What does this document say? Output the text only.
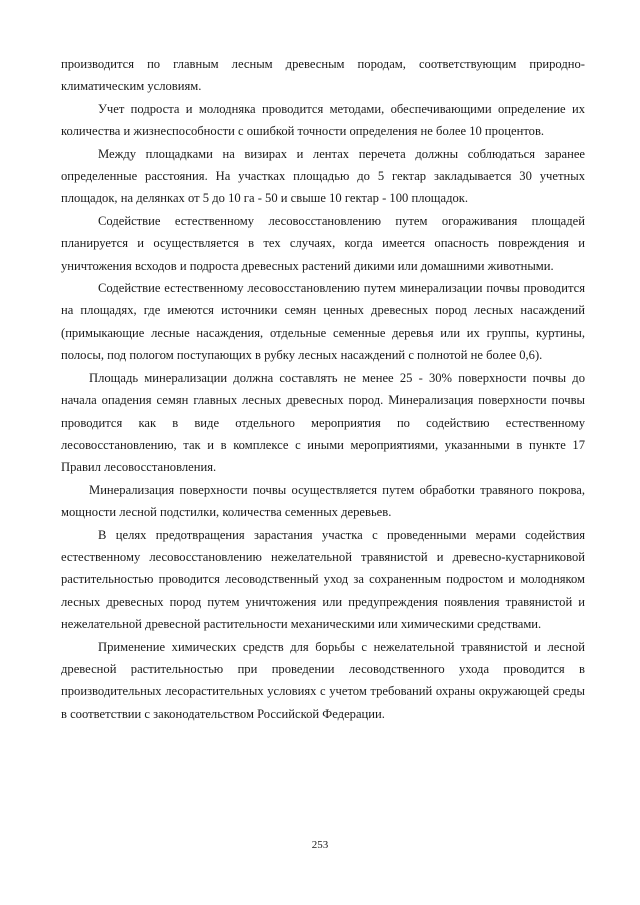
производится по главным лесным древесным породам, соответствующим природно-климатическим условиям.

Учет подроста и молодняка проводится методами, обеспечивающими определение их количества и жизнеспособности с ошибкой точности определения не более 10 процентов.

Между площадками на визирах и лентах перечета должны соблюдаться заранее определенные расстояния. На участках площадью до 5 гектар закладывается 30 учетных площадок, на делянках от 5 до 10 га - 50 и свыше 10 гектар - 100 площадок.

Содействие естественному лесовосстановлению путем огораживания площадей планируется и осуществляется в тех случаях, когда имеется опасность повреждения и уничтожения всходов и подроста древесных растений дикими или домашними животными.

Содействие естественному лесовосстановлению путем минерализации почвы проводится на площадях, где имеются источники семян ценных древесных пород лесных насаждений (примыкающие лесные насаждения, отдельные семенные деревья или их группы, куртины, полосы, под пологом поступающих в рубку лесных насаждений с полнотой не более 0,6).

Площадь минерализации должна составлять не менее 25 - 30% поверхности почвы до начала опадения семян главных лесных древесных пород. Минерализация поверхности почвы проводится как в виде отдельного мероприятия по содействию естественному лесовосстановлению, так и в комплексе с иными мероприятиями, указанными в пункте 17 Правил лесовосстановления.

Минерализация поверхности почвы осуществляется путем обработки травяного покрова, мощности лесной подстилки, количества семенных деревьев.

В целях предотвращения зарастания участка с проведенными мерами содействия естественному лесовосстановлению нежелательной травянистой и древесно-кустарниковой растительностью проводится лесоводственный уход за сохраненным подростом и молодняком лесных древесных пород путем уничтожения или предупреждения появления травянистой и нежелательной древесной растительности механическими или химическими средствами.

Применение химических средств для борьбы с нежелательной травянистой и лесной древесной растительностью при проведении лесоводственного ухода проводится в производительных лесорастительных условиях с учетом требований охраны окружающей среды в соответствии с законодательством Российской Федерации.

253
